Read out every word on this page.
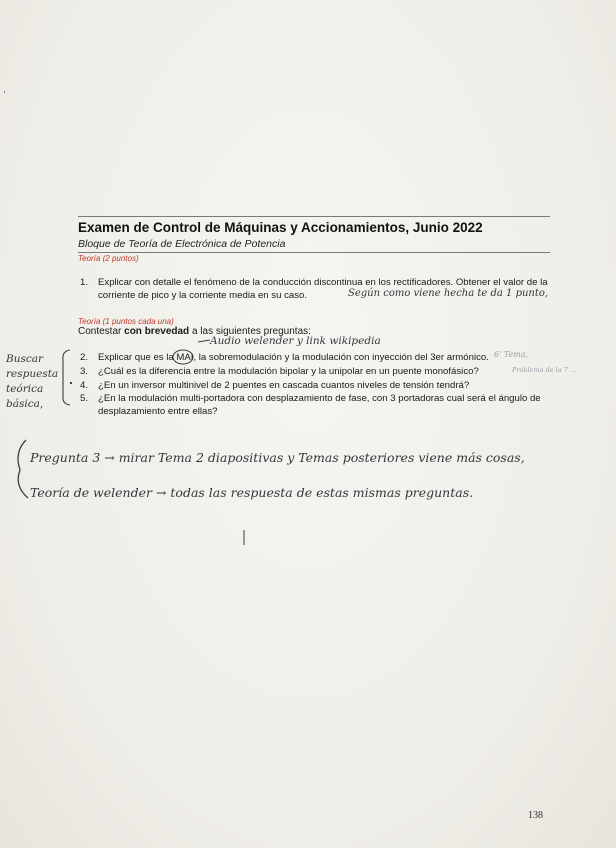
Examen de Control de Máquinas y Accionamientos, Junio 2022
Bloque de Teoría de Electrónica de Potencia
Teoría (2 puntos)
1.	Explicar con detalle el fenómeno de la conducción discontinua en los rectificadores. Obtener el valor de la corriente de pico y la corriente media en su caso.
Teoría (1 puntos cada una)
Contestar con brevedad a las siguientes preguntas:
2.	Explicar que es la MAI, la sobremodulación y la modulación con inyección del 3er armónico.
3.	¿Cuál es la diferencia entre la modulación bipolar y la unipolar en un puente monofásico?
4.	¿En un inversor multinivel de 2 puentes en cascada cuantos niveles de tensión tendrá?
5.	¿En la modulación multi-portadora con desplazamiento de fase, con 3 portadoras cual será el ángulo de desplazamiento entre ellas?
Según como viene hecha te da 1 punto,
Audio welender y link wikipedia
6' Tema,
Problema de la 7 ...
Buscar
respuesta
teórica
básica,
Pregunta 3 → mirar Tema 2 diapositivas y Temas posteriores viene más cosas,
Teoría de welender → todas las respuesta de estas mismas preguntas.
138
